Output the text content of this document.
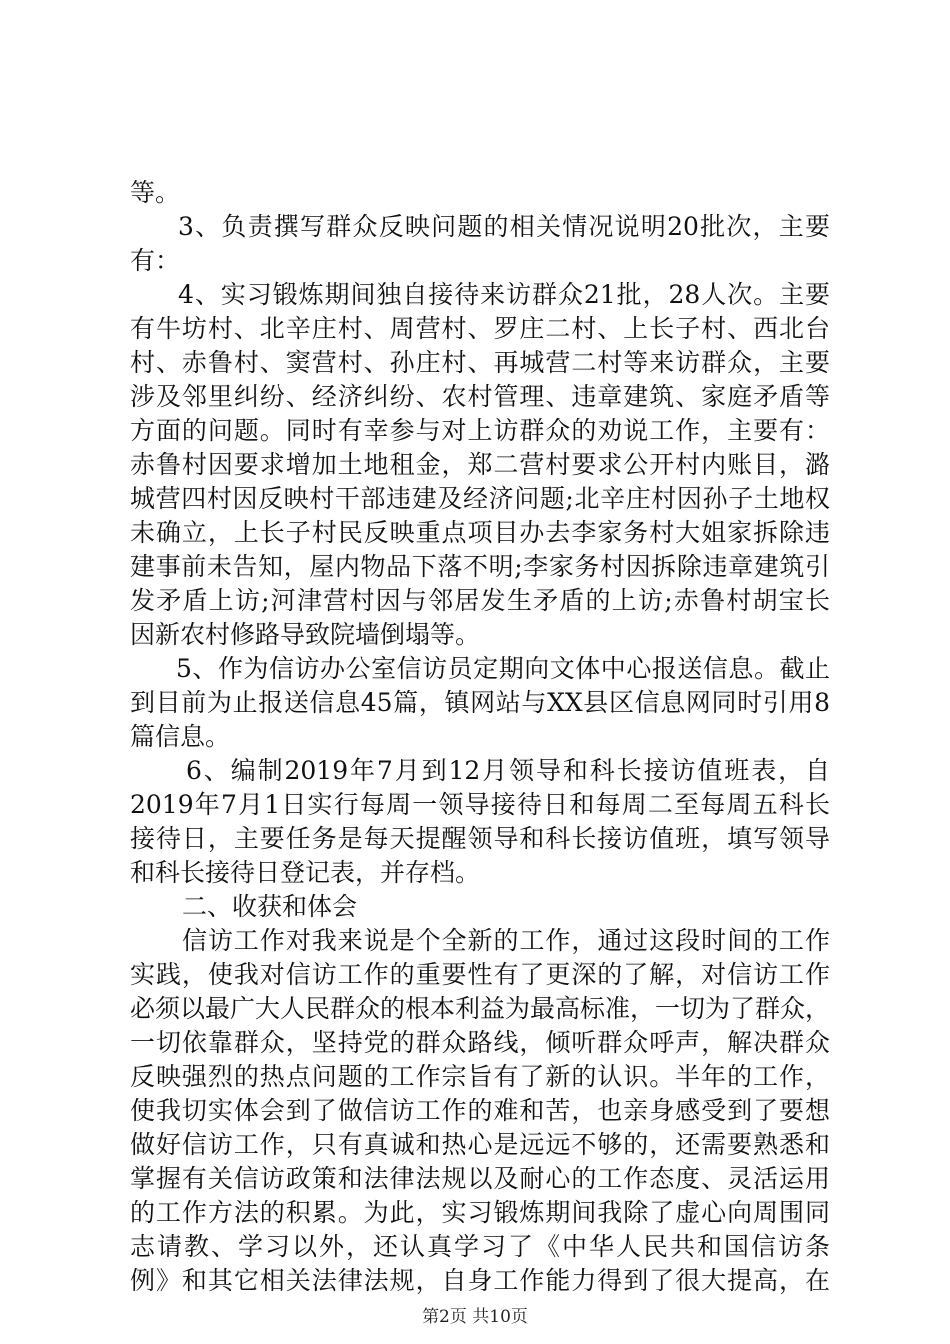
等。
3、负责撰写群众反映问题的相关情况说明20批次，主要
有：
4、实习锻炼期间独自接待来访群众21批，28人次。主要
有牛坊村、北辛庄村、周营村、罗庄二村、上长子村、西北台
村、赤鲁村、窦营村、孙庄村、再城营二村等来访群众，主要
涉及邻里纠纷、经济纠纷、农村管理、违章建筑、家庭矛盾等
方面的问题。同时有幸参与对上访群众的劝说工作，主要有：
赤鲁村因要求增加土地租金，郑二营村要求公开村内账目，潞
城营四村因反映村干部违建及经济问题;北辛庄村因孙子土地权
未确立，上长子村民反映重点项目办去李家务村大姐家拆除违
建事前未告知，屋内物品下落不明;李家务村因拆除违章建筑引
发矛盾上访;河津营村因与邻居发生矛盾的上访;赤鲁村胡宝长
因新农村修路导致院墙倒塌等。
5、作为信访办公室信访员定期向文体中心报送信息。截止
到目前为止报送信息45篇，镇网站与XX县区信息网同时引用8
篇信息。
6、编制2019年7月到12月领导和科长接访值班表，自
2019年7月1日实行每周一领导接待日和每周二至每周五科长
接待日，主要任务是每天提醒领导和科长接访值班，填写领导
和科长接待日登记表，并存档。
二、收获和体会
信访工作对我来说是个全新的工作，通过这段时间的工作
实践，使我对信访工作的重要性有了更深的了解，对信访工作
必须以最广大人民群众的根本利益为最高标准，一切为了群众，
一切依靠群众，坚持党的群众路线，倾听群众呼声，解决群众
反映强烈的热点问题的工作宗旨有了新的认识。半年的工作，
使我切实体会到了做信访工作的难和苦，也亲身感受到了要想
做好信访工作，只有真诚和热心是远远不够的，还需要熟悉和
掌握有关信访政策和法律法规以及耐心的工作态度、灵活运用
的工作方法的积累。为此，实习锻炼期间我除了虚心向周围同
志请教、学习以外，还认真学习了《中华人民共和国信访条
例》和其它相关法律法规，自身工作能力得到了很大提高，在
第2页 共10页
